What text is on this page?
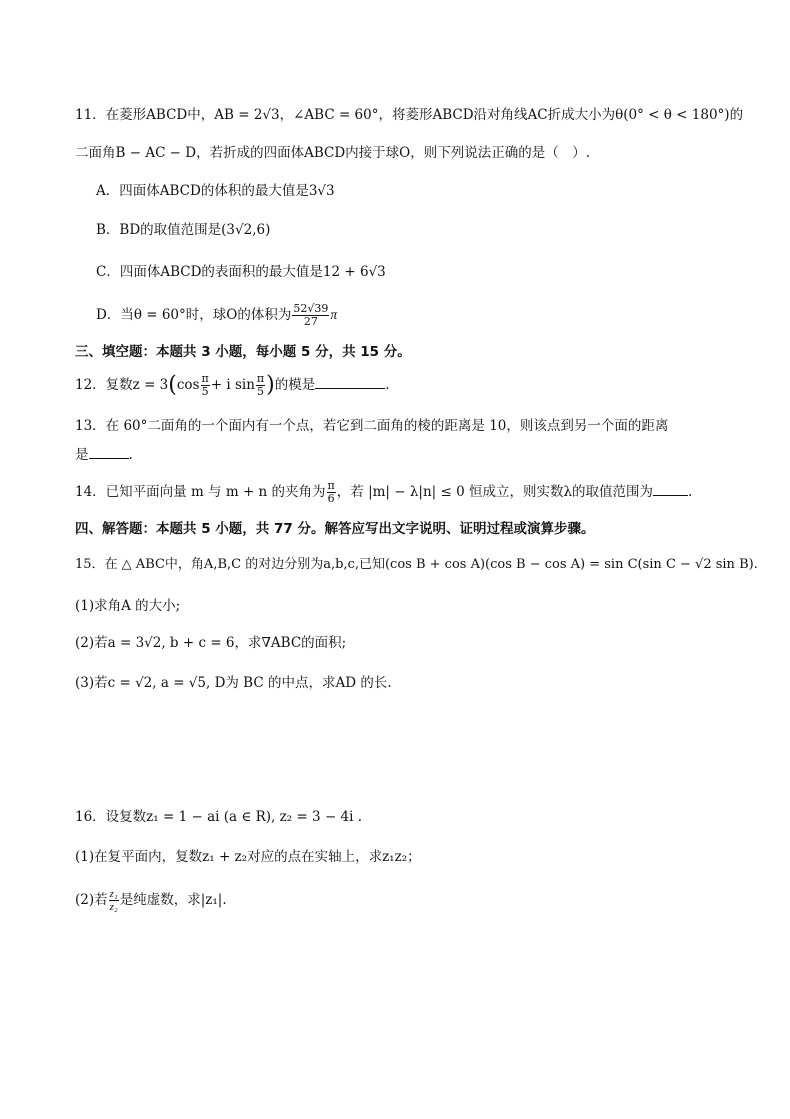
11．在菱形ABCD中，AB = 2√3，∠ABC = 60°，将菱形ABCD沿对角线AC折成大小为θ(0° < θ < 180°)的
二面角B − AC − D，若折成的四面体ABCD内接于球O，则下列说法正确的是（　）.
A．四面体ABCD的体积的最大值是3√3
B．BD的取值范围是(3√2,6)
C．四面体ABCD的表面积的最大值是12 + 6√3
D．当θ = 60°时，球O的体积为 $\frac{52√39}{27}$ π
三、填空题：本题共 3 小题，每小题 5 分，共 15 分。
12．复数$z = 3(\cos \frac{\pi}{5} + i$ $\sin \frac{\pi}{5}$ )的模是	.
13．在 60°二面角的一个面内有一个点，若它到二面角的棱的距离是 10，则该点到另一个面的距离
是	.
14．已知平面向量 m 与 m + n 的夹角为 $\frac{\pi}{6}$ ，若 |m| − λ|n| ≤ 0 恒成立，则实数λ的取值范围为	.
四、解答题：本题共 5 小题，共 77 分。解答应写出文字说明、证明过程或演算步骤。
15．在 △ ABC中，角A,B,C 的对边分别为a,b,c,已知(cos B + cos A)(cos B − cos A) = sin C(sin C − √2 sin B).
(1)求角A 的大小;
(2)若a = 3√2, b + c = 6，求∇ABC的面积;
(3)若c = √2, a = √5, D为 BC 的中点，求AD 的长.
16．设复数z₁ = 1 − ai (a ∈ R), z₂ = 3 − 4i .
(1)在复平面内，复数z₁ + z₂对应的点在实轴上，求z₁z₂；
(2)若 $\frac{\text{z₁}}{\text{z₂}}$ 是纯虚数，求|z₁|.
